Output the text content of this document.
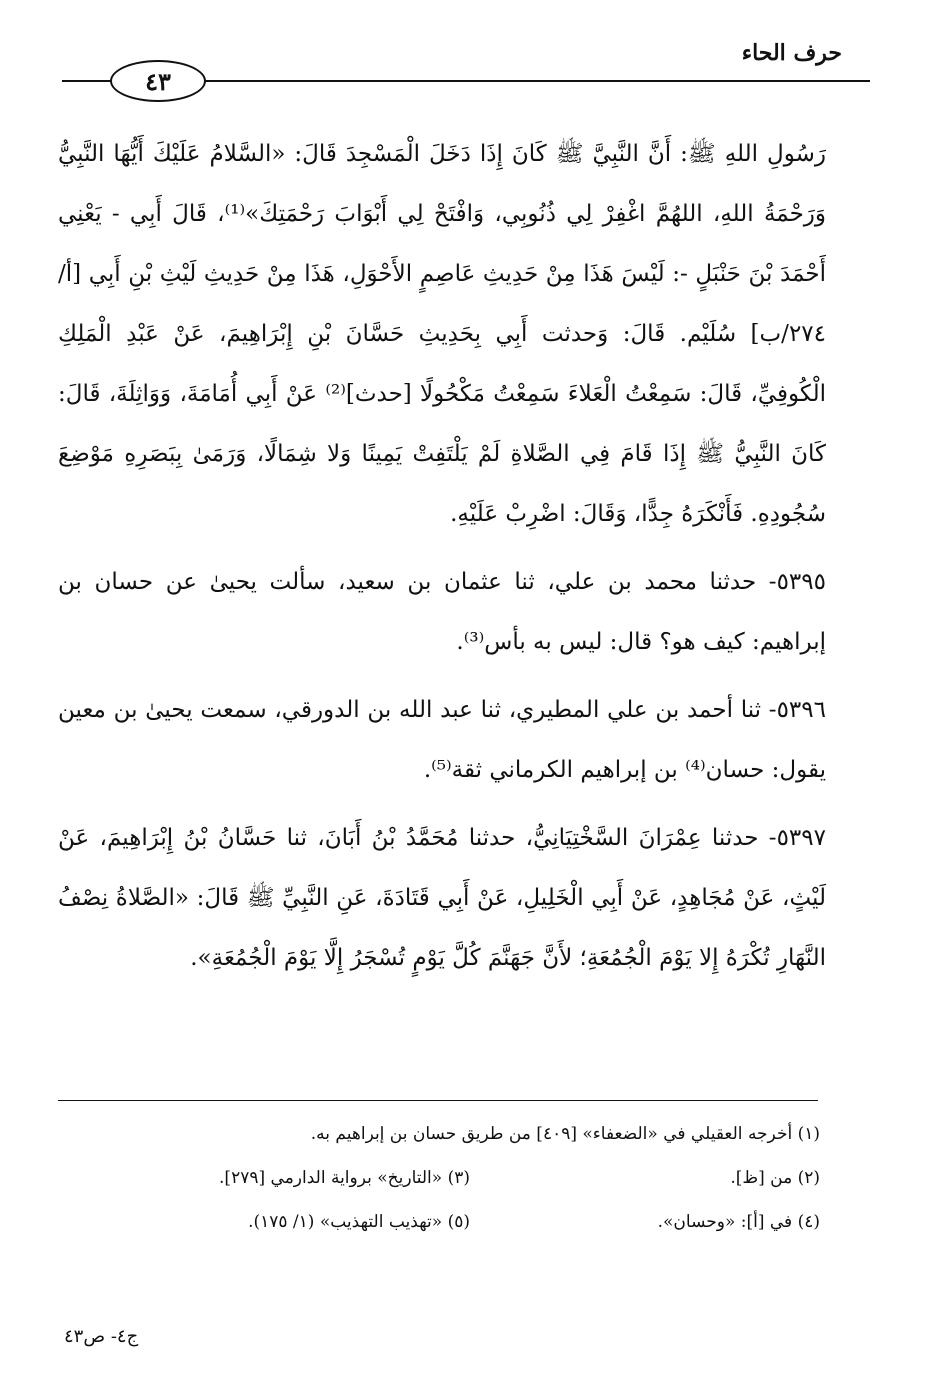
حرف الحاء
٤٣

رَسُولِ اللهِ ﷺ: أَنَّ النَّبِيَّ ﷺ كَانَ إِذَا دَخَلَ الْمَسْجِدَ قَالَ: «السَّلامُ عَلَيْكَ أَيُّهَا النَّبِيُّ وَرَحْمَةُ اللهِ، اللهُمَّ اغْفِرْ لِي ذُنُوبِي، وَافْتَحْ لِي أَبْوَابَ رَحْمَتِكَ»⁽¹⁾، قَالَ أَبِي - يَعْنِي أَحْمَدَ بْنَ حَنْبَلٍ -: لَيْسَ هَذَا مِنْ حَدِيثِ عَاصِمٍ الأَحْوَلِ، هَذَا مِنْ حَدِيثِ لَيْثِ بْنِ أَبِي [أ/٢٧٤/ب] سُلَيْم. قَالَ: وَحدثت أَبِي بِحَدِيثِ حَسَّانَ بْنِ إِبْرَاهِيمَ، عَنْ عَبْدِ الْمَلِكِ الْكُوفِيِّ، قَالَ: سَمِعْتُ الْعَلاءَ سَمِعْتُ مَكْحُولًا [حدث]⁽²⁾ عَنْ أَبِي أُمَامَةَ، وَوَاثِلَةَ، قَالَ: كَانَ النَّبِيُّ ﷺ إِذَا قَامَ فِي الصَّلاةِ لَمْ يَلْتَفِتْ يَمِينًا وَلا شِمَالًا، وَرَمَىٰ بِبَصَرِهِ مَوْضِعَ سُجُودِهِ. فَأَنْكَرَهُ جِدًّا، وَقَالَ: اضْرِبْ عَلَيْهِ.

٥٣٩٥- حدثنا محمد بن علي، ثنا عثمان بن سعيد، سألت يحيىٰ عن حسان بن إبراهيم: كيف هو؟ قال: ليس به بأس⁽³⁾.

٥٣٩٦- ثنا أحمد بن علي المطيري، ثنا عبد الله بن الدورقي، سمعت يحيىٰ بن معين يقول: حسان⁽⁴⁾ بن إبراهيم الكرماني ثقة⁽⁵⁾.

٥٣٩٧- حدثنا عِمْرَانَ السَّخْتِيَانِيُّ، حدثنا مُحَمَّدُ بْنُ أَبَانَ، ثنا حَسَّانُ بْنُ إِبْرَاهِيمَ، عَنْ لَيْثٍ، عَنْ مُجَاهِدٍ، عَنْ أَبِي الْخَلِيلِ، عَنْ أَبِي قَتَادَةَ، عَنِ النَّبِيِّ ﷺ قَالَ: «الصَّلاةُ نِصْفُ النَّهَارِ تُكْرَهُ إِلا يَوْمَ الْجُمُعَةِ؛ لأَنَّ جَهَنَّمَ كُلَّ يَوْمٍ تُسْجَرُ إِلَّا يَوْمَ الْجُمُعَةِ».

(١) أخرجه العقيلي في «الضعفاء» [٤٠٩] من طريق حسان بن إبراهيم به.
(٢) من [ظ].
(٣) «التاريخ» برواية الدارمي [٢٧٩].
(٤) في [أ]: «وحسان».
(٥) «تهذيب التهذيب» (١/ ١٧٥).
ج٤- ص٤٣
